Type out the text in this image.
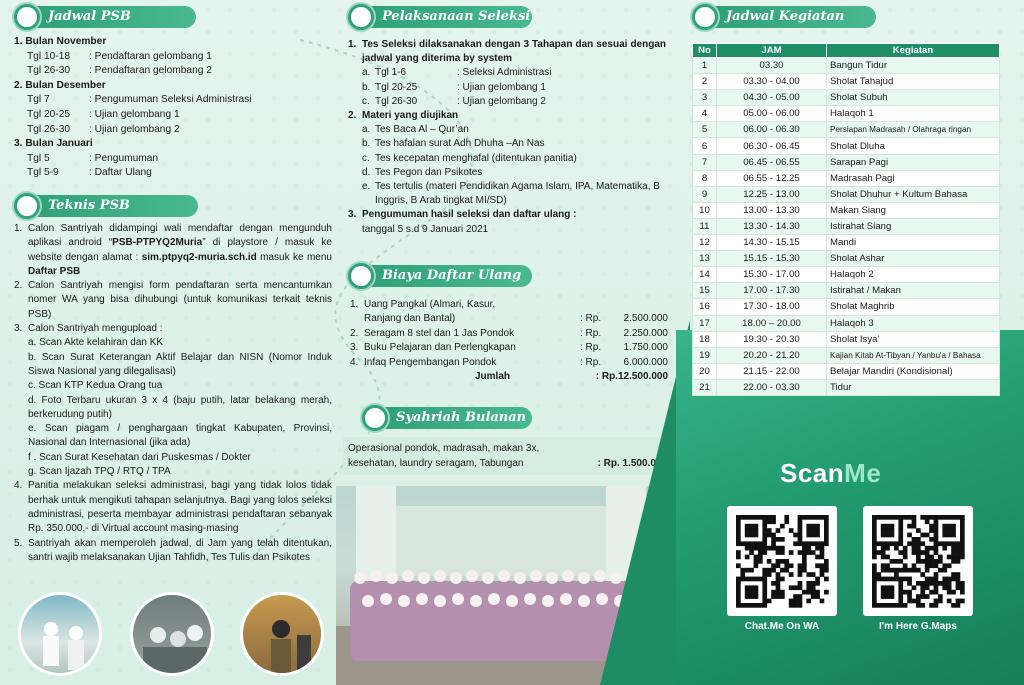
Jadwal PSB
1. Bulan November
Tgl 10-18	: Pendaftaran gelombang 1
Tgl 26-30	: Pendaftaran gelombang 2
2. Bulan Desember
Tgl 7	: Pengumuman Seleksi Administrasi
Tgl 20-25	: Ujian gelombang 1
Tgl 26-30	: Ujian gelombang 2
3. Bulan Januari
Tgl 5	: Pengumuman
Tgl 5-9	: Daftar Ulang
Teknis PSB
1. Calon Santriyah didampingi wali mendaftar dengan mengunduh aplikasi android “PSB-PTPYQ2Muria” di playstore / masuk ke website dengan alamat : sim.ptpyq2-muria.sch.id masuk ke menu Daftar PSB
2. Calon Santriyah mengisi form pendaftaran serta mencantumkan nomer WA yang bisa dihubungi (untuk komunikasi terkait teknis PSB)
3. Calon Santriyah mengupload :
a. Scan Akte kelahiran dan KK
b. Scan Surat Keterangan Aktif Belajar dan NISN (Nomor Induk Siswa Nasional yang dilegalisasi)
c. Scan KTP Kedua Orang tua
d. Foto Terbaru ukuran 3 x 4 (baju putih, latar belakang merah, berkerudung putih)
e. Scan piagam / penghargaan tingkat Kabupaten, Provinsi, Nasional dan Internasional (jika ada)
f . Scan Surat Kesehatan dari Puskesmas / Dokter
g. Scan Ijazah TPQ / RTQ / TPA
4. Panitia melakukan seleksi administrasi, bagi yang tidak lolos tidak berhak untuk mengikuti tahapan selanjutnya. Bagi yang lolos seleksi administrasi, peserta membayar administrasi pendaftaran sebanyak Rp. 350.000,- di Virtual account masing-masing
5. Santriyah akan memperoleh jadwal, di Jam yang telah ditentukan, santri wajib melaksanakan Ujian Tahfidh, Tes Tulis dan Psikotes
Pelaksanaan Seleksi
1. Tes Seleksi dilaksanakan dengan 3 Tahapan dan sesuai dengan jadwal yang diterima by system
a. Tgl 1-6	: Seleksi Administrasi
b. Tgl 20-25	: Ujian gelombang 1
c. Tgl 26-30	: Ujian gelombang 2
2. Materi yang diujikan
a. Tes Baca Al – Qur’an
b. Tes hafalan surat Adh Dhuha –An Nas
c. Tes kecepatan menghafal (ditentukan panitia)
d. Tes Pegon dan Psikotes
e. Tes tertulis (materi Pendidikan Agama Islam, IPA, Matematika, B Inggris, B Arab tingkat MI/SD)
3. Pengumuman hasil seleksi dan daftar ulang :
tanggal 5 s.d 9 Januari 2021
Biaya Daftar Ulang
1. Uang Pangkal (Almari, Kasur, Ranjang dan Bantal)	: Rp.	2.500.000
2. Seragam 8 stel dan 1 Jas Pondok	: Rp.	2.250.000
3. Buku Pelajaran dan Perlengkapan	: Rp.	1.750.000
4. Infaq Pengembangan Pondok	: Rp.	6.000.000
Jumlah	: Rp.12.500.000
Syahriah Bulanan
Operasional pondok, madrasah, makan 3x, kesehatan, laundry seragam, Tabungan	: Rp. 1.500.000
Jadwal Kegiatan
No	JAM	Kegiatan
1	03.30	Bangun Tidur
2	03.30 - 04.00	Sholat Tahajud
3	04.30 - 05.00	Sholat Subuh
4	05.00 - 06.00	Halaqoh 1
5	06.00 - 06.30	Persiapan Madrasah / Olahraga ringan
6	06.30 - 06.45	Sholat Dluha
7	06.45 - 06.55	Sarapan Pagi
8	06.55 - 12.25	Madrasah Pagi
9	12.25 - 13.00	Sholat Dhuhur + Kultum Bahasa
10	13.00 - 13.30	Makan Siang
11	13.30 - 14.30	Istirahat Siang
12	14.30 - 15.15	Mandi
13	15.15 - 15.30	Sholat Ashar
14	15.30 - 17.00	Halaqoh 2
15	17.00 - 17.30	Istirahat / Makan
16	17.30 - 18.00	Sholat Maghrib
17	18.00 – 20.00	Halaqoh 3
18	19.30 - 20.30	Sholat Isya'
19	20.20 - 21.20	Kajian Kitab At-Tibyan / Yanbu'a / Bahasa
20	21.15 - 22.00	Belajar Mandiri (Kondisional)
21	22.00 - 03.30	Tidur
ScanMe
Chat.Me On WA	I'm Here G.Maps
